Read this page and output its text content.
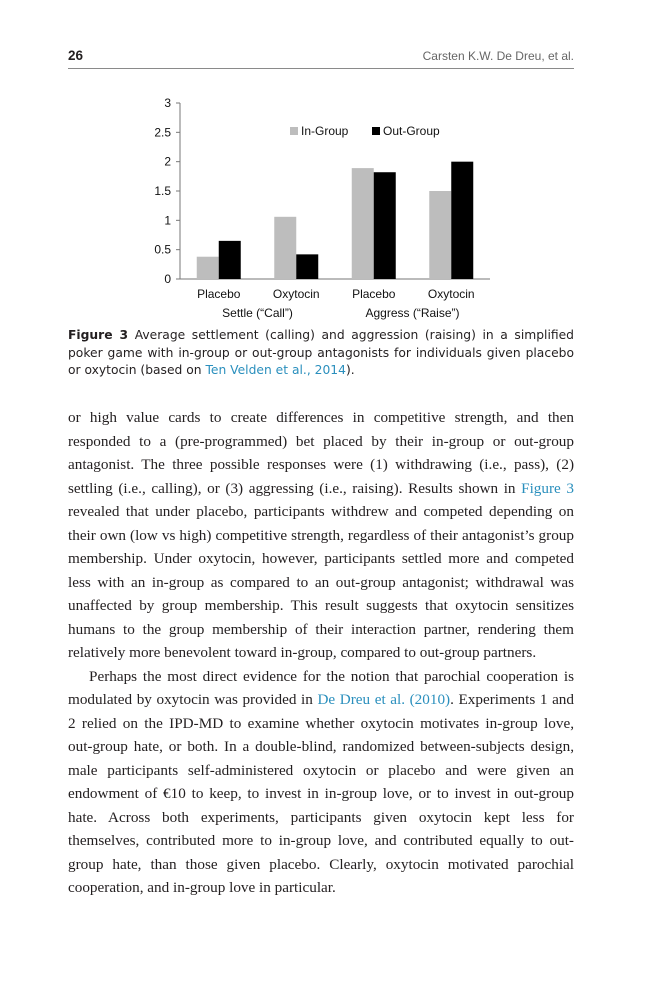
26	Carsten K.W. De Dreu, et al.
0
0.5
1
1.5
2
2.5
3
Placebo	Oxytocin	Placebo	Oxytocin
Settle (“Call”)	Aggress (“Raise”)
In-Group	Out-Group

Figure 3 Average settlement (calling) and aggression (raising) in a simplified poker game with in-group or out-group antagonists for individuals given placebo or oxytocin (based on Ten Velden et al., 2014).

or high value cards to create differences in competitive strength, and then responded to a (pre-programmed) bet placed by their in-group or out-group antagonist. The three possible responses were (1) withdrawing (i.e., pass), (2) settling (i.e., calling), or (3) aggressing (i.e., raising). Results shown in Figure 3 revealed that under placebo, participants withdrew and competed depending on their own (low vs high) competitive strength, regardless of their antagonist’s group membership. Under oxytocin, however, participants settled more and competed less with an in-group as compared to an out-group antagonist; withdrawal was unaffected by group membership. This result suggests that oxytocin sensitizes humans to the group membership of their interaction partner, rendering them relatively more benevolent toward in-group, compared to out-group partners.

Perhaps the most direct evidence for the notion that parochial cooperation is modulated by oxytocin was provided in De Dreu et al. (2010). Experiments 1 and 2 relied on the IPD-MD to examine whether oxytocin motivates in-group love, out-group hate, or both. In a double-blind, randomized between-subjects design, male participants self-administered oxytocin or placebo and were given an endowment of €10 to keep, to invest in in-group love, or to invest in out-group hate. Across both experiments, participants given oxytocin kept less for themselves, contributed more to in-group love, and contributed equally to out-group hate, than those given placebo. Clearly, oxytocin motivated parochial cooperation, and in-group love in particular.
